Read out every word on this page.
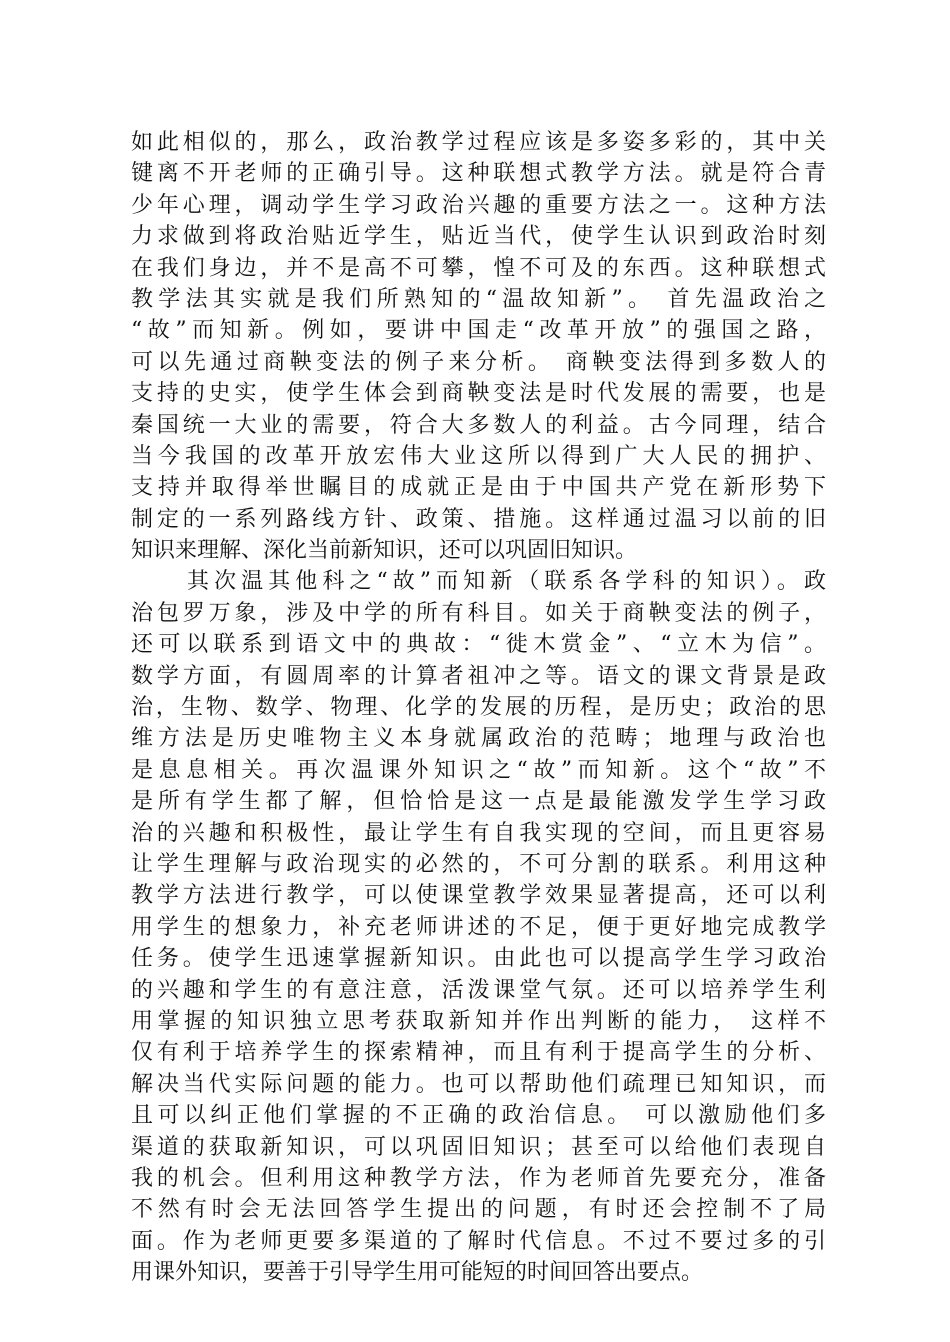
如此相似的，那么，政治教学过程应该是多姿多彩的，其中关
键离不开老师的正确引导。这种联想式教学方法。就是符合青
少年心理，调动学生学习政治兴趣的重要方法之一。这种方法
力求做到将政治贴近学生，贴近当代，使学生认识到政治时刻
在我们身边，并不是高不可攀，惶不可及的东西。这种联想式
教学法其实就是我们所熟知的“温故知新”。 首先温政治之
“故”而知新。例如，要讲中国走“改革开放”的强国之路，
可以先通过商鞅变法的例子来分析。 商鞅变法得到多数人的
支持的史实，使学生体会到商鞅变法是时代发展的需要，也是
秦国统一大业的需要，符合大多数人的利益。古今同理，结合
当今我国的改革开放宏伟大业这所以得到广大人民的拥护、
支持并取得举世瞩目的成就正是由于中国共产党在新形势下
制定的一系列路线方针、政策、措施。这样通过温习以前的旧
知识来理解、深化当前新知识，还可以巩固旧知识。
其次温其他科之“故”而知新（联系各学科的知识）。政
治包罗万象，涉及中学的所有科目。如关于商鞅变法的例子，
还可以联系到语文中的典故：“徙木赏金”、“立木为信”。
数学方面，有圆周率的计算者祖冲之等。语文的课文背景是政
治，生物、数学、物理、化学的发展的历程，是历史；政治的思
维方法是历史唯物主义本身就属政治的范畴；地理与政治也
是息息相关。再次温课外知识之“故”而知新。这个“故”不
是所有学生都了解，但恰恰是这一点是最能激发学生学习政
治的兴趣和积极性，最让学生有自我实现的空间，而且更容易
让学生理解与政治现实的必然的，不可分割的联系。利用这种
教学方法进行教学，可以使课堂教学效果显著提高，还可以利
用学生的想象力，补充老师讲述的不足，便于更好地完成教学
任务。使学生迅速掌握新知识。由此也可以提高学生学习政治
的兴趣和学生的有意注意，活泼课堂气氛。还可以培养学生利
用掌握的知识独立思考获取新知并作出判断的能力， 这样不
仅有利于培养学生的探索精神，而且有利于提高学生的分析、
解决当代实际问题的能力。也可以帮助他们疏理已知知识，而
且可以纠正他们掌握的不正确的政治信息。 可以激励他们多
渠道的获取新知识，可以巩固旧知识；甚至可以给他们表现自
我的机会。但利用这种教学方法，作为老师首先要充分，准备
不然有时会无法回答学生提出的问题，有时还会控制不了局
面。作为老师更要多渠道的了解时代信息。不过不要过多的引
用课外知识，要善于引导学生用可能短的时间回答出要点。
